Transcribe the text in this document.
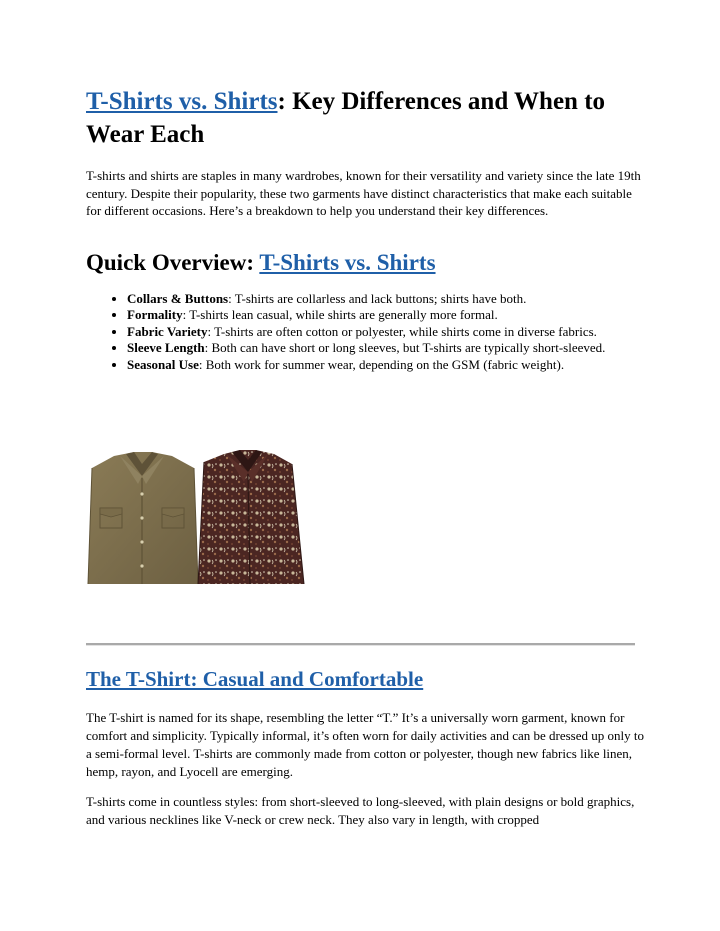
T-Shirts vs. Shirts: Key Differences and When to Wear Each

T-shirts and shirts are staples in many wardrobes, known for their versatility and variety since the late 19th century. Despite their popularity, these two garments have distinct characteristics that make each suitable for different occasions. Here’s a breakdown to help you understand their key differences.

Quick Overview: T-Shirts vs. Shirts
• Collars & Buttons: T-shirts are collarless and lack buttons; shirts have both.
• Formality: T-shirts lean casual, while shirts are generally more formal.
• Fabric Variety: T-shirts are often cotton or polyester, while shirts come in diverse fabrics.
• Sleeve Length: Both can have short or long sleeves, but T-shirts are typically short-sleeved.
• Seasonal Use: Both work for summer wear, depending on the GSM (fabric weight).
The T-Shirt: Casual and Comfortable

The T-shirt is named for its shape, resembling the letter “T.” It’s a universally worn garment, known for comfort and simplicity. Typically informal, it’s often worn for daily activities and can be dressed up only to a semi-formal level. T-shirts are commonly made from cotton or polyester, though new fabrics like linen, hemp, rayon, and Lyocell are emerging.

T-shirts come in countless styles: from short-sleeved to long-sleeved, with plain designs or bold graphics, and various necklines like V-neck or crew neck. They also vary in length, with cropped
